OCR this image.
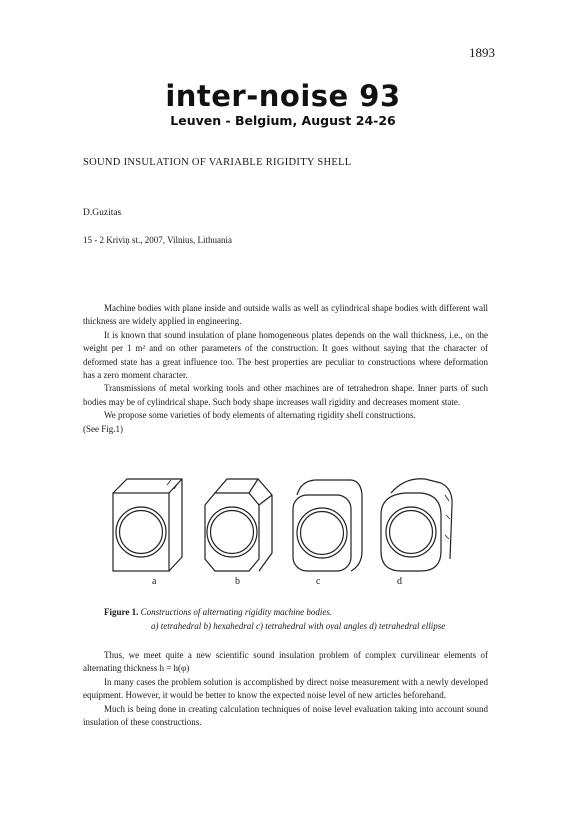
1893
inter-noise 93
Leuven - Belgium, August 24-26
SOUND INSULATION OF VARIABLE RIGIDITY SHELL
D.Guzitas
15 - 2 Kriviņ st., 2007, Vilnius, Lithuania

Machine bodies with plane inside and outside walls as well as cylindrical shape bodies with different wall thickness are widely applied in engineering.

It is known that sound insulation of plane homogeneous plates depends on the wall thickness, i.e., on the weight per 1 m² and on other parameters of the construction. It goes without saying that the character of deformed state has a great influence too. The best properties are peculiar to constructions where deformation has a zero moment character.

Transmissions of metal working tools and other machines are of tetrahedron shape. Inner parts of such bodies may be of cylindrical shape. Such body shape increases wall rigidity and decreases moment state.

We propose some varieties of body elements of alternating rigidity shell constructions.

(See Fig.1)

a	b	c	d
Figure 1. Constructions of alternating rigidity machine bodies.
a) tetrahedral b) hexahedral c) tetrahedral with oval angles d) tetrahedral ellipse

Thus, we meet quite a new scientific sound insulation problem of complex curvilinear elements of alternating thickness h = h(φ)

In many cases the problem solution is accomplished by direct noise measurement with a newly developed equipment. However, it would be better to know the expected noise level of new articles beforehand.

Much is being done in creating calculation techniques of noise level evaluation taking into account sound insulation of these constructions.
